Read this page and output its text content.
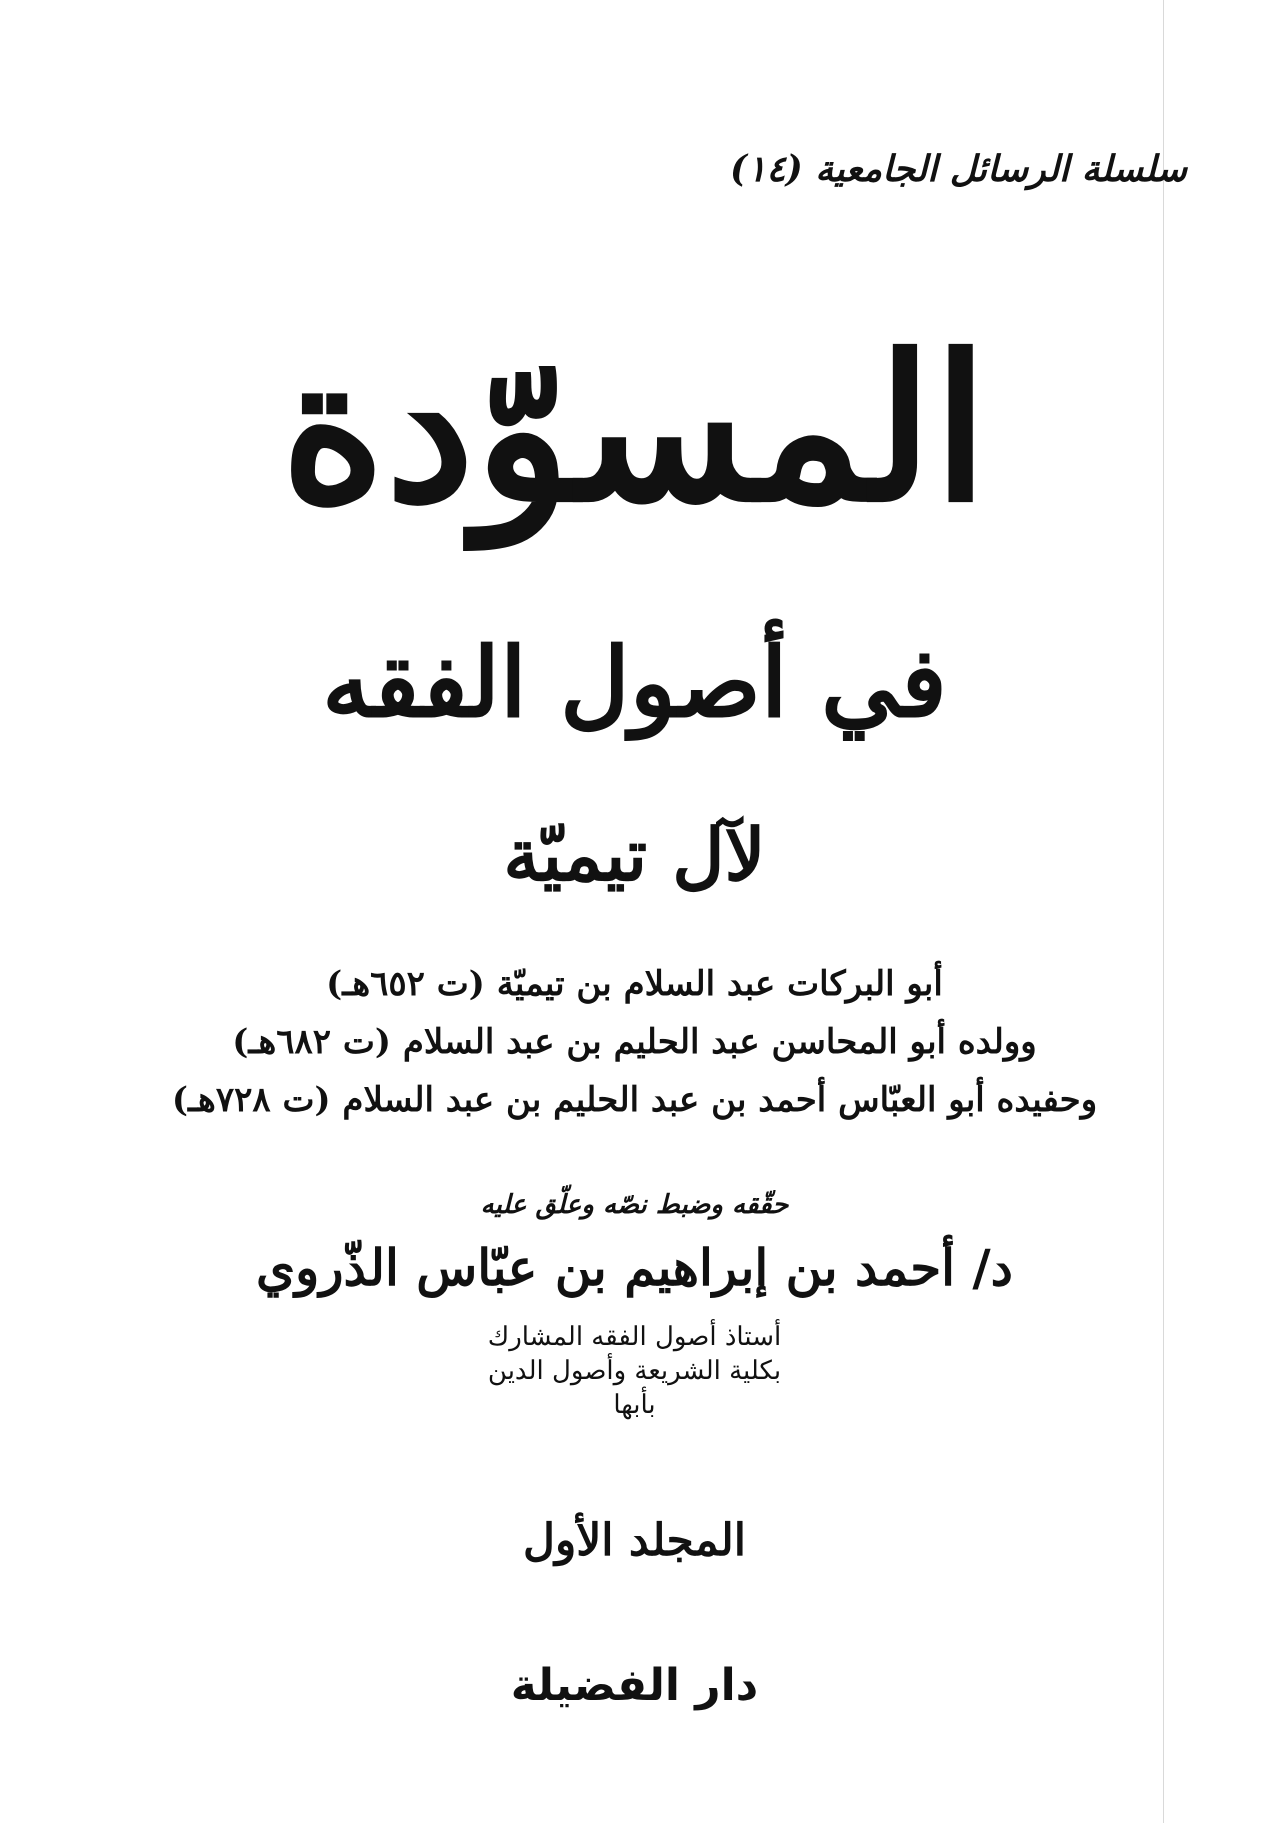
سلسلة الرسائل الجامعية (١٤)
المسوّدة
في أصول الفقه
لآل تيميّة
أبو البركات عبد السلام بن تيميّة (ت ٦٥٢هـ)
وولده أبو المحاسن عبد الحليم بن عبد السلام (ت ٦٨٢هـ)
وحفيده أبو العبّاس أحمد بن عبد الحليم بن عبد السلام (ت ٧٢٨هـ)
حقّقه وضبط نصّه وعلّق عليه
د/ أحمد بن إبراهيم بن عبّاس الذّروي
أستاذ أصول الفقه المشارك
بكلية الشريعة وأصول الدين
بأبها
المجلد الأول
دار الفضيلة
